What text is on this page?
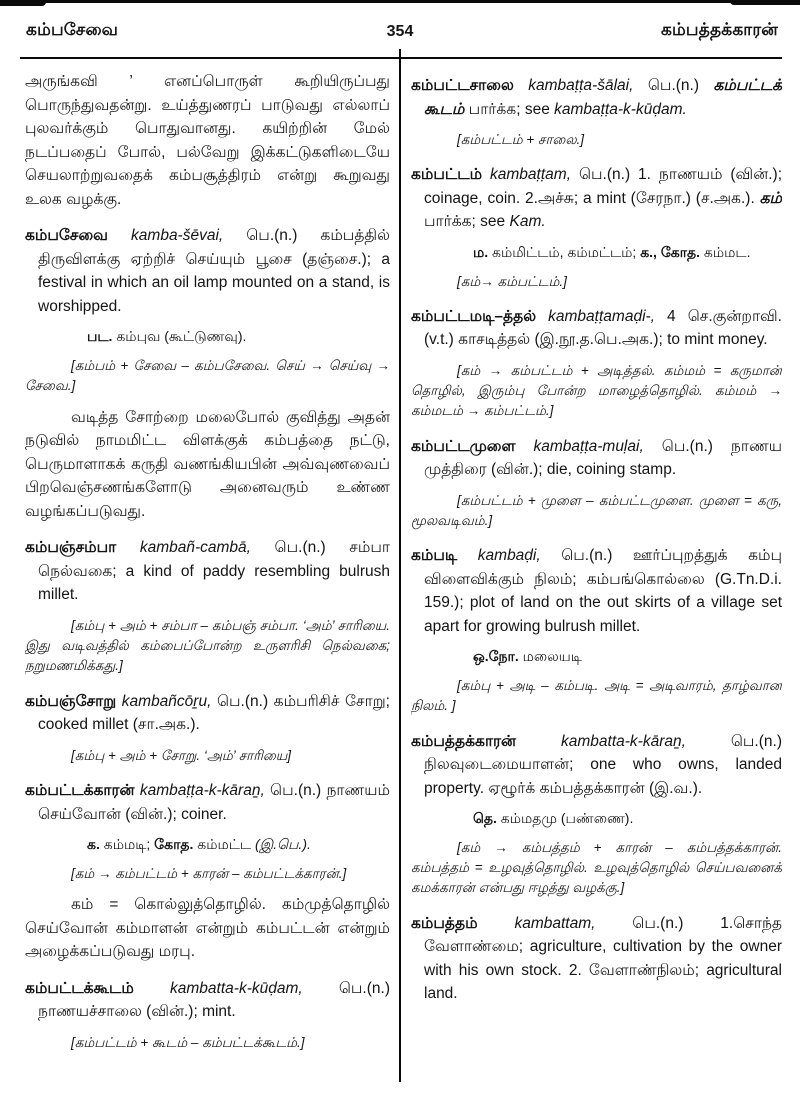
354
கம்பசேவை	கம்பத்தக்காரன்

அருங்கவி ’ எனப்பொருள் கூறியிருப்பது பொருந்துவதன்று. உய்த்துணரப் பாடுவது எல்லாப் புலவர்க்கும் பொதுவானது. கயிற்றின் மேல் நடப்பதைப் போல், பல்வேறு இக்கட்டுகளிடையே செயலாற்றுவதைக் கம்பசூத்திரம் என்று கூறுவது உலக வழக்கு.

கம்பசேவை kamba-šēvai, பெ.(n.) கம்பத்தில் திருவிளக்கு ஏற்றிச் செய்யும் பூசை (தஞ்சை.); a festival in which an oil lamp mounted on a stand, is worshipped.

பட. கம்புவ (கூட்டுணவு).

[கம்பம் + சேவை – கம்பசேவை. செய் → செய்வு → சேவை.]

வடித்த சோற்றை மலைபோல் குவித்து அதன் நடுவில் நாமமிட்ட விளக்குக் கம்பத்தை நட்டு, பெருமாளாகக் கருதி வணங்கியபின் அவ்வுணவைப் பிறவெஞ்சணங்களோடு அனைவரும் உண்ண வழங்கப்படுவது.

கம்பஞ்சம்பா kambañ-cambā, பெ.(n.) சம்பா நெல்வகை; a kind of paddy resembling bulrush millet.

[கம்பு + அம் + சம்பா – கம்பஞ் சம்பா. ‘அம்’ சாரியை. இது வடிவத்தில் கம்பைப்போன்ற உருளரிசி நெல்வகை; நறுமணமிக்கது.]

கம்பஞ்சோறு kambañcōṟu, பெ.(n.) கம்பரிசிச் சோறு; cooked millet (சா.அக.).

[கம்பு + அம் + சோறு. ‘அம்’ சாரியை]

கம்பட்டக்காரன் kambaṭṭa-k-kāraṉ, பெ.(n.) நாணயம் செய்வோன் (வின்.); coiner.

க. கம்மடி; கோத. கம்மட்ட (இ.பெ.).

[கம் → கம்பட்டம் + காரன் – கம்பட்டக்காரன்.]

கம் = கொல்லுத்தொழில். கம்முத்தொழில் செய்வோன் கம்மாளன் என்றும் கம்பட்டன் என்றும் அழைக்கப்படுவது மரபு.

கம்பட்டக்கூடம் kambatta-k-kūḍam, பெ.(n.) நாணயச்சாலை (வின்.); mint.

[கம்பட்டம் + கூடம் – கம்பட்டக்கூடம்.]

கம்பட்டசாலை kambaṭṭa-šālai, பெ.(n.) கம்பட்டக் கூடம் பார்க்க; see kambaṭṭa-k-kūḍam.

[கம்பட்டம் + சாலை.]

கம்பட்டம் kambaṭṭam, பெ.(n.) 1. நாணயம் (வின்.); coinage, coin. 2.அச்சு; a mint (சேரநா.) (ச.அக.). கம் பார்க்க; see Kam.

ம. கம்மிட்டம், கம்மட்டம்; க., கோத. கம்மட.

[கம்→ கம்பட்டம்.]

கம்பட்டமடி–த்தல் kambaṭṭamaḍi-, 4 செ.குன்றாவி. (v.t.) காசடித்தல் (இ.நூ.த.பெ.அக.); to mint money.

[கம் → கம்பட்டம் + அடித்தல். கம்மம் = கருமான் தொழில், இரும்பு போன்ற மாழைத்தொழில். கம்மம் → கம்மடம் → கம்பட்டம்.]

கம்பட்டமுளை kambaṭṭa-muḷai, பெ.(n.) நாணய முத்திரை (வின்.); die, coining stamp.

[கம்பட்டம் + முளை – கம்பட்டமுளை. முளை = கரு, மூலவடிவம்.]

கம்படி kambaḍi, பெ.(n.) ஊர்ப்புறத்துக் கம்பு விளைவிக்கும் நிலம்; கம்பங்கொல்லை (G.Tn.D.i. 159.); plot of land on the out skirts of a village set apart for growing bulrush millet.

ஒ.நோ. மலையடி

[கம்பு + அடி – கம்படி. அடி = அடிவாரம், தாழ்வான நிலம். ]

கம்பத்தக்காரன் kambatta-k-kāraṉ, பெ.(n.) நிலவுடைமையாளன்; one who owns, landed property. ஏழூர்க் கம்பத்தக்காரன் (இ.வ.).

தெ. கம்மதமு (பண்ணை).

[கம் → கம்பத்தம் + காரன் – கம்பத்தக்காரன். கம்பத்தம் = உழவுத்தொழில். உழவுத்தொழில் செய்பவனைக் கமக்காரன் என்பது ஈழத்து வழக்கு.]

கம்பத்தம் kambattam, பெ.(n.) 1.சொந்த வேளாண்மை; agriculture, cultivation by the owner with his own stock. 2. வேளாண்நிலம்; agricultural land.
